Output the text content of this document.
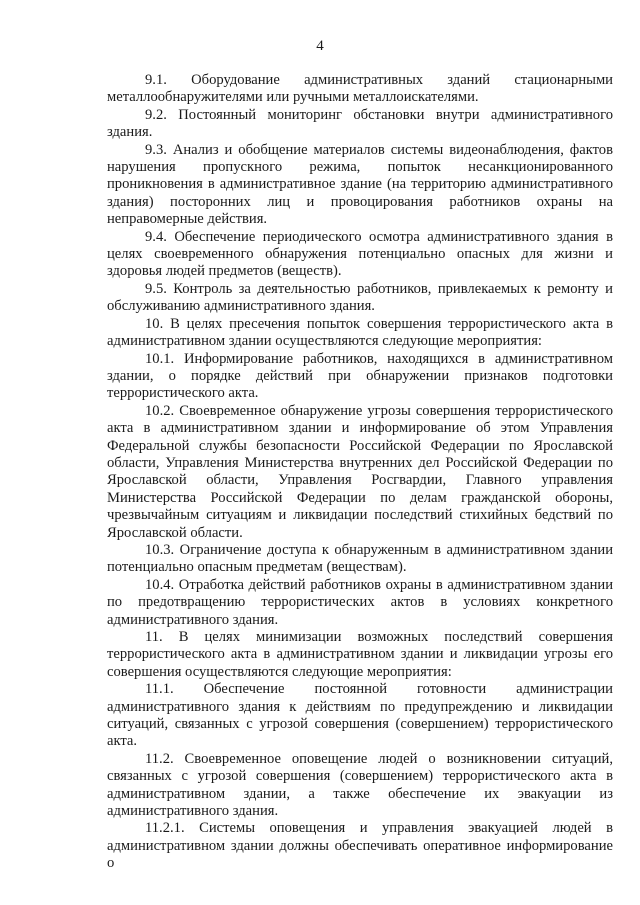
4

9.1. Оборудование административных зданий стационарными металлообнаружителями или ручными металлоискателями.

9.2. Постоянный мониторинг обстановки внутри административного здания.

9.3. Анализ и обобщение материалов системы видеонаблюдения, фактов нарушения пропускного режима, попыток несанкционированного проникновения в административное здание (на территорию административного здания) посторонних лиц и провоцирования работников охраны на неправомерные действия.

9.4. Обеспечение периодического осмотра административного здания в целях своевременного обнаружения потенциально опасных для жизни и здоровья людей предметов (веществ).

9.5. Контроль за деятельностью работников, привлекаемых к ремонту и обслуживанию административного здания.

10. В целях пресечения попыток совершения террористического акта в административном здании осуществляются следующие мероприятия:

10.1. Информирование работников, находящихся в административном здании, о порядке действий при обнаружении признаков подготовки террористического акта.

10.2. Своевременное обнаружение угрозы совершения террористического акта в административном здании и информирование об этом Управления Федеральной службы безопасности Российской Федерации по Ярославской области, Управления Министерства внутренних дел Российской Федерации по Ярославской области, Управления Росгвардии, Главного управления Министерства Российской Федерации по делам гражданской обороны, чрезвычайным ситуациям и ликвидации последствий стихийных бедствий по Ярославской области.

10.3. Ограничение доступа к обнаруженным в административном здании потенциально опасным предметам (веществам).

10.4. Отработка действий работников охраны в административном здании по предотвращению террористических актов в условиях конкретного административного здания.

11. В целях минимизации возможных последствий совершения террористического акта в административном здании и ликвидации угрозы его совершения осуществляются следующие мероприятия:

11.1. Обеспечение постоянной готовности администрации административного здания к действиям по предупреждению и ликвидации ситуаций, связанных с угрозой совершения (совершением) террористического акта.

11.2. Своевременное оповещение людей о возникновении ситуаций, связанных с угрозой совершения (совершением) террористического акта в административном здании, а также обеспечение их эвакуации из административного здания.

11.2.1. Системы оповещения и управления эвакуацией людей в административном здании должны обеспечивать оперативное информирование о
